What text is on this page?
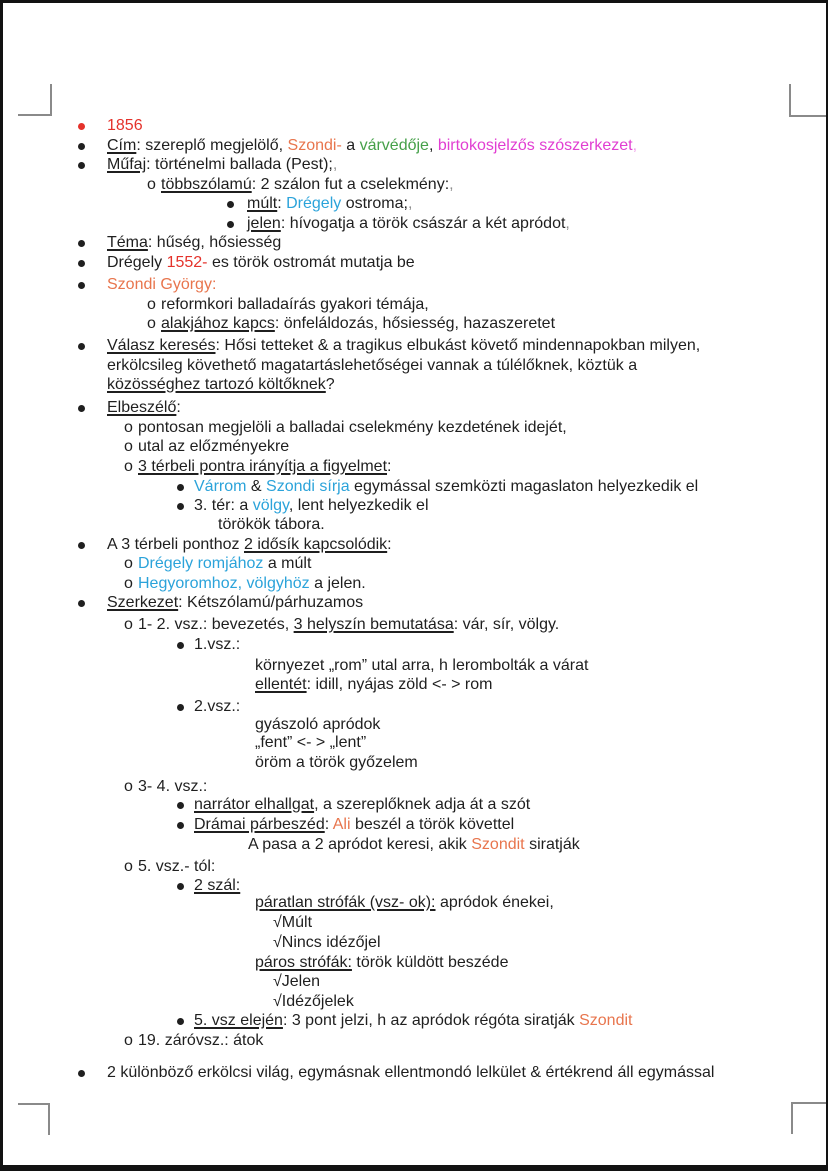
1856
Cím: szereplő megjelölő, Szondi- a várvédője, birtokosjelzős szószerkezet,
Műfaj: történelmi ballada (Pest);,
o többszólamú: 2 szálon fut a cselekmény:,
múlt: Drégely ostroma;,
jelen: hívogatja a török császár a két apródot,
Téma: hűség, hősiesség
Drégely 1552- es török ostromát mutatja be
Szondi György:
o reformkori balladaírás gyakori témája,
o alakjához kapcs: önfeláldozás, hősiesség, hazaszeretet
Válasz keresés: Hősi tetteket & a tragikus elbukást követő mindennapokban milyen,
erkölcsileg követhető magatartáslehetőségei vannak a túlélőknek, köztük a
közösséghez tartozó költőknek?
Elbeszélő:
o pontosan megjelöli a balladai cselekmény kezdetének idejét,
o utal az előzményekre
o 3 térbeli pontra irányítja a figyelmet:
Várrom & Szondi sírja egymással szemközti magaslaton helyezkedik el
3. tér: a völgy, lent helyezkedik el
törökök tábora.
A 3 térbeli ponthoz 2 idősík kapcsolódik:
o Drégely romjához a múlt
o Hegyoromhoz, völgyhöz a jelen.
Szerkezet: Kétszólamú/párhuzamos
o 1- 2. vsz.: bevezetés, 3 helyszín bemutatása: vár, sír, völgy.
1.vsz.:
környezet „rom” utal arra, h lerombolták a várat
ellentét: idill, nyájas zöld <- > rom
2.vsz.:
gyászoló apródok
„fent” <- > „lent”
öröm a török győzelem
o 3- 4. vsz.:
narrátor elhallgat, a szereplőknek adja át a szót
Drámai párbeszéd: Ali beszél a török követtel
A pasa a 2 apródot keresi, akik Szondit siratják
o 5. vsz.- tól:
2 szál:
páratlan strófák (vsz- ok): apródok énekei,
√Múlt
√Nincs idézőjel
páros strófák: török küldött beszéde
√Jelen
√Idézőjelek
5. vsz elején: 3 pont jelzi, h az apródok régóta siratják Szondit
o 19. záróvsz.: átok
2 különböző erkölcsi világ, egymásnak ellentmondó lelkület & értékrend áll egymással
